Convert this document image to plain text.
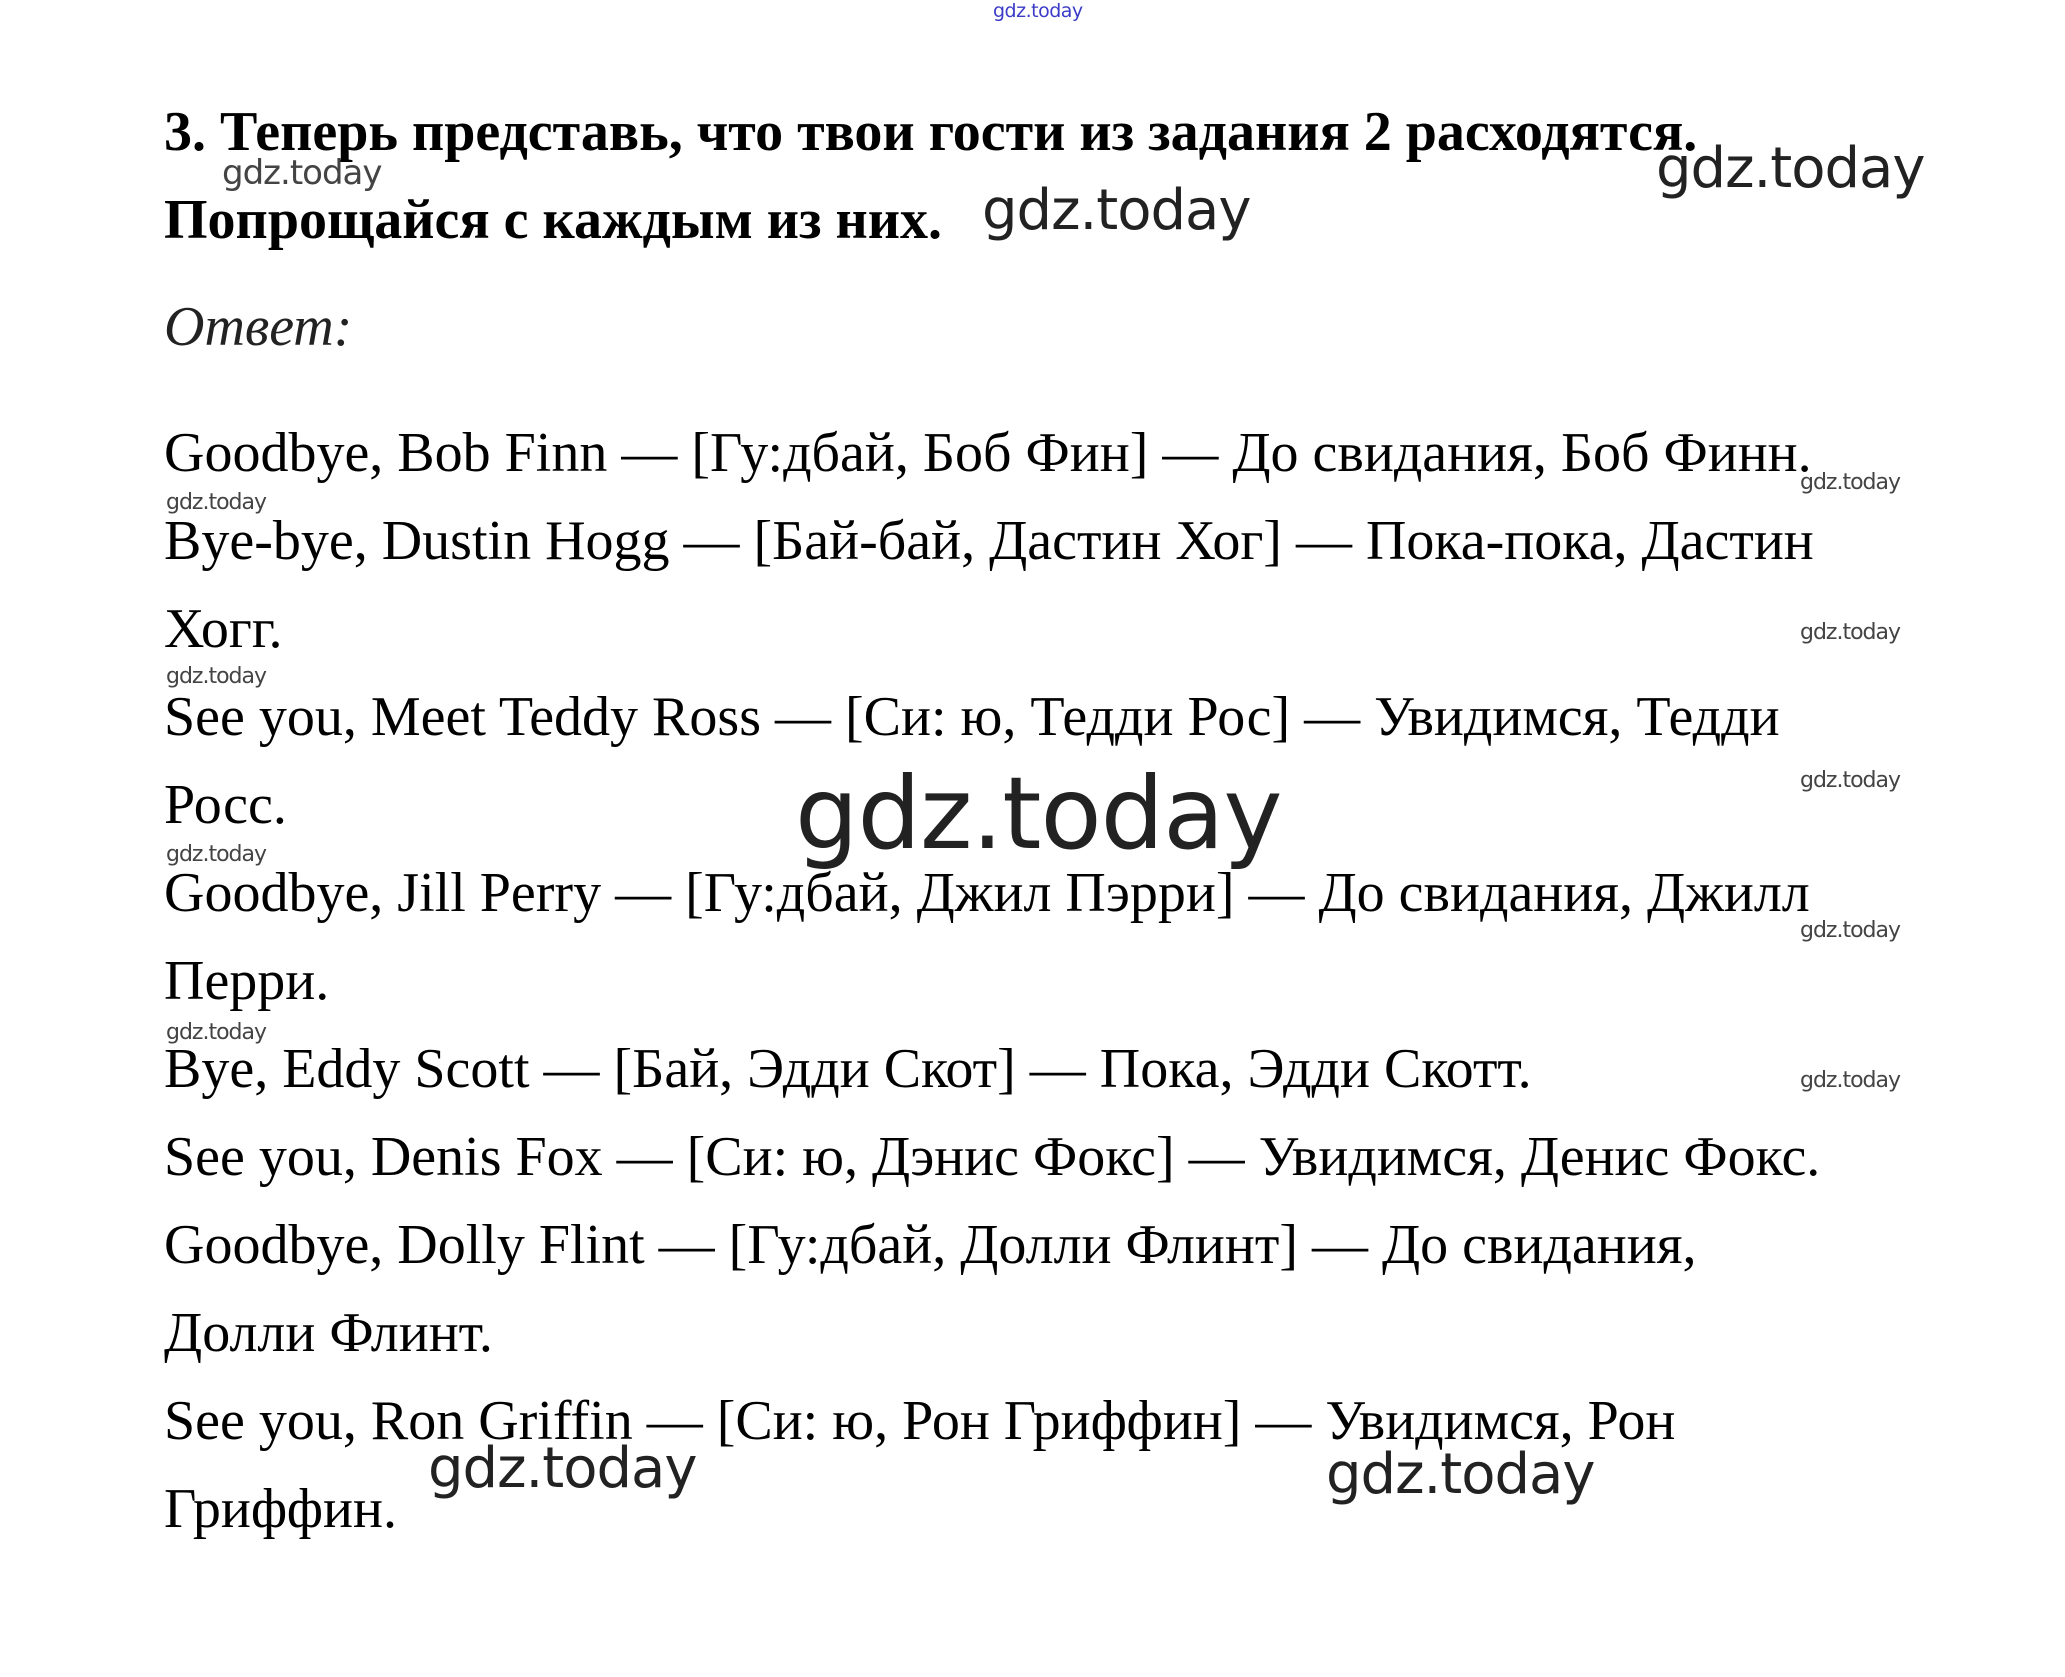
gdz.today
3. Теперь представь, что твои гости из задания 2 расходятся.
Попрощайся с каждым из них.
Ответ:
Goodbye, Bob Finn — [Гу:дбай, Боб Фин] — До свидания, Боб Финн.
Bye-bye, Dustin Hogg — [Бай-бай, Дастин Хог] — Пока-пока, Дастин
Хогг.
See you, Meet Teddy Ross — [Си: ю, Тедди Рос] — Увидимся, Тедди
Росс.
Goodbye, Jill Perry — [Гу:дбай, Джил Пэрри] — До свидания, Джилл
Перри.
Bye, Eddy Scott — [Бай, Эдди Скот] — Пока, Эдди Скотт.
See you, Denis Fox — [Си: ю, Дэнис Фокс] — Увидимся, Денис Фокс.
Goodbye, Dolly Flint — [Гу:дбай, Долли Флинт] — До свидания,
Долли Флинт.
See you, Ron Griffin — [Си: ю, Рон Гриффин] — Увидимся, Рон
Гриффин.
gdz.today	gdz.today
gdz.today
gdz.today
gdz.today
gdz.today
gdz.today
gdz.today
gdz.today
gdz.today
gdz.today
gdz.today
gdz.today
gdz.today	gdz.today
